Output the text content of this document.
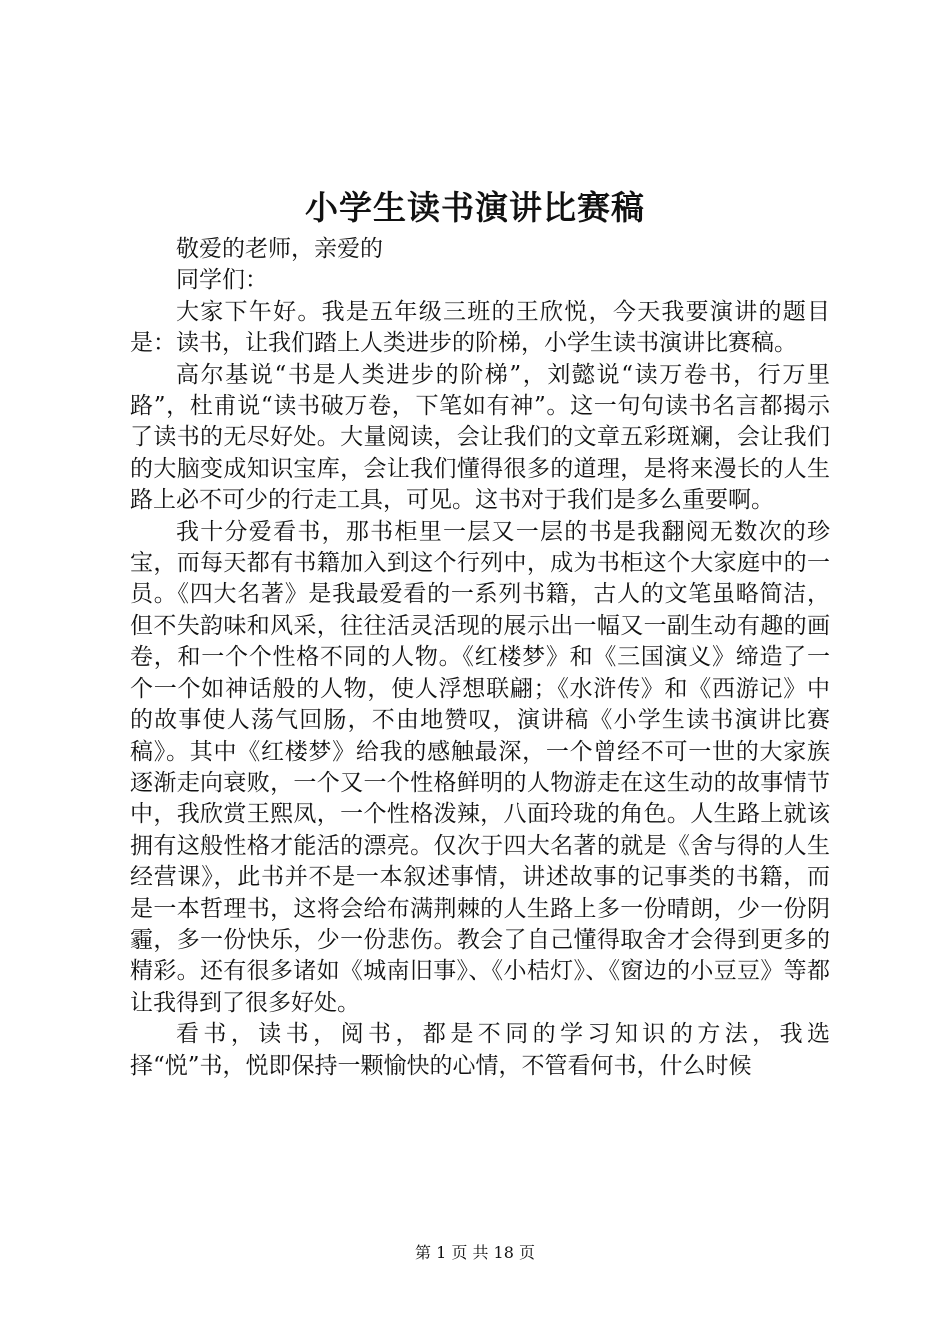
小学生读书演讲比赛稿

敬爱的老师，亲爱的

同学们：

大家下午好。我是五年级三班的王欣悦，今天我要演讲的题目是：读书，让我们踏上人类进步的阶梯，小学生读书演讲比赛稿。

高尔基说“书是人类进步的阶梯”，刘懿说“读万卷书，行万里路”，杜甫说“读书破万卷，下笔如有神”。这一句句读书名言都揭示了读书的无尽好处。大量阅读，会让我们的文章五彩斑斓，会让我们的大脑变成知识宝库，会让我们懂得很多的道理，是将来漫长的人生路上必不可少的行走工具，可见。这书对于我们是多么重要啊。

我十分爱看书，那书柜里一层又一层的书是我翻阅无数次的珍宝，而每天都有书籍加入到这个行列中，成为书柜这个大家庭中的一员。《四大名著》是我最爱看的一系列书籍，古人的文笔虽略简洁，但不失韵味和风采，往往活灵活现的展示出一幅又一副生动有趣的画卷，和一个个性格不同的人物。《红楼梦》和《三国演义》缔造了一个一个如神话般的人物，使人浮想联翩；《水浒传》和《西游记》中的故事使人荡气回肠，不由地赞叹，演讲稿《小学生读书演讲比赛稿》。其中《红楼梦》给我的感触最深，一个曾经不可一世的大家族逐渐走向衰败，一个又一个性格鲜明的人物游走在这生动的故事情节中，我欣赏王熙凤，一个性格泼辣，八面玲珑的角色。人生路上就该拥有这般性格才能活的漂亮。仅次于四大名著的就是《舍与得的人生经营课》，此书并不是一本叙述事情，讲述故事的记事类的书籍，而是一本哲理书，这将会给布满荆棘的人生路上多一份晴朗，少一份阴霾，多一份快乐，少一份悲伤。教会了自己懂得取舍才会得到更多的精彩。还有很多诸如《城南旧事》、《小桔灯》、《窗边的小豆豆》等都让我得到了很多好处。

看书，读书，阅书，都是不同的学习知识的方法，我选择“悦”书，悦即保持一颗愉快的心情，不管看何书，什么时候

第 1 页 共 18 页
